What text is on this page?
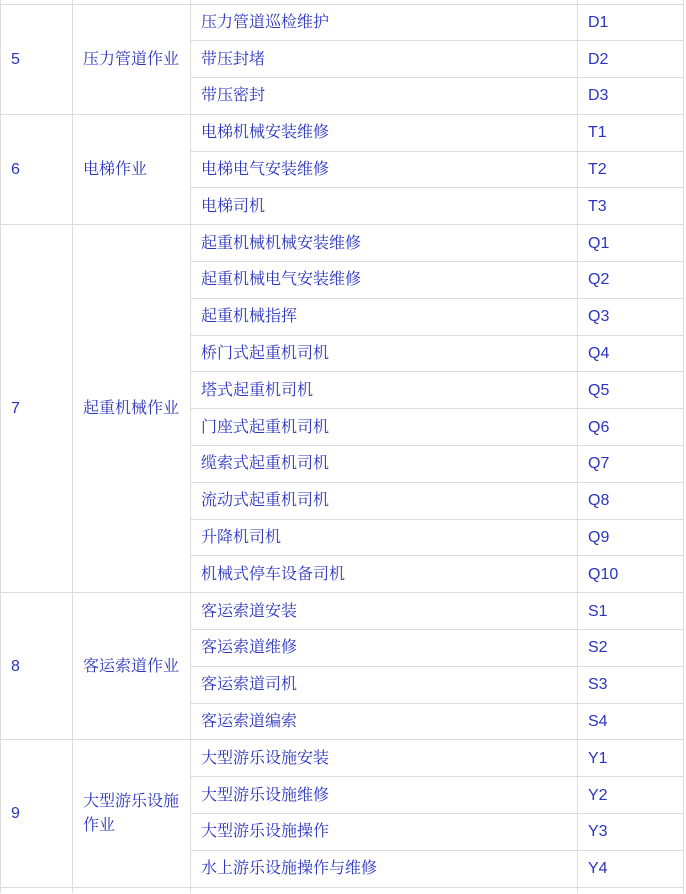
5	压力管道作业	压力管道巡检维护	D1
		带压封堵	D2
		带压密封	D3
6	电梯作业	电梯机械安装维修	T1
		电梯电气安装维修	T2
		电梯司机	T3
7	起重机械作业	起重机械机械安装维修	Q1
		起重机械电气安装维修	Q2
		起重机械指挥	Q3
		桥门式起重机司机	Q4
		塔式起重机司机	Q5
		门座式起重机司机	Q6
		缆索式起重机司机	Q7
		流动式起重机司机	Q8
		升降机司机	Q9
		机械式停车设备司机	Q10
8	客运索道作业	客运索道安装	S1
		客运索道维修	S2
		客运索道司机	S3
		客运索道编索	S4
9	大型游乐设施作业	大型游乐设施安装	Y1
		大型游乐设施维修	Y2
		大型游乐设施操作	Y3
		水上游乐设施操作与维修	Y4
